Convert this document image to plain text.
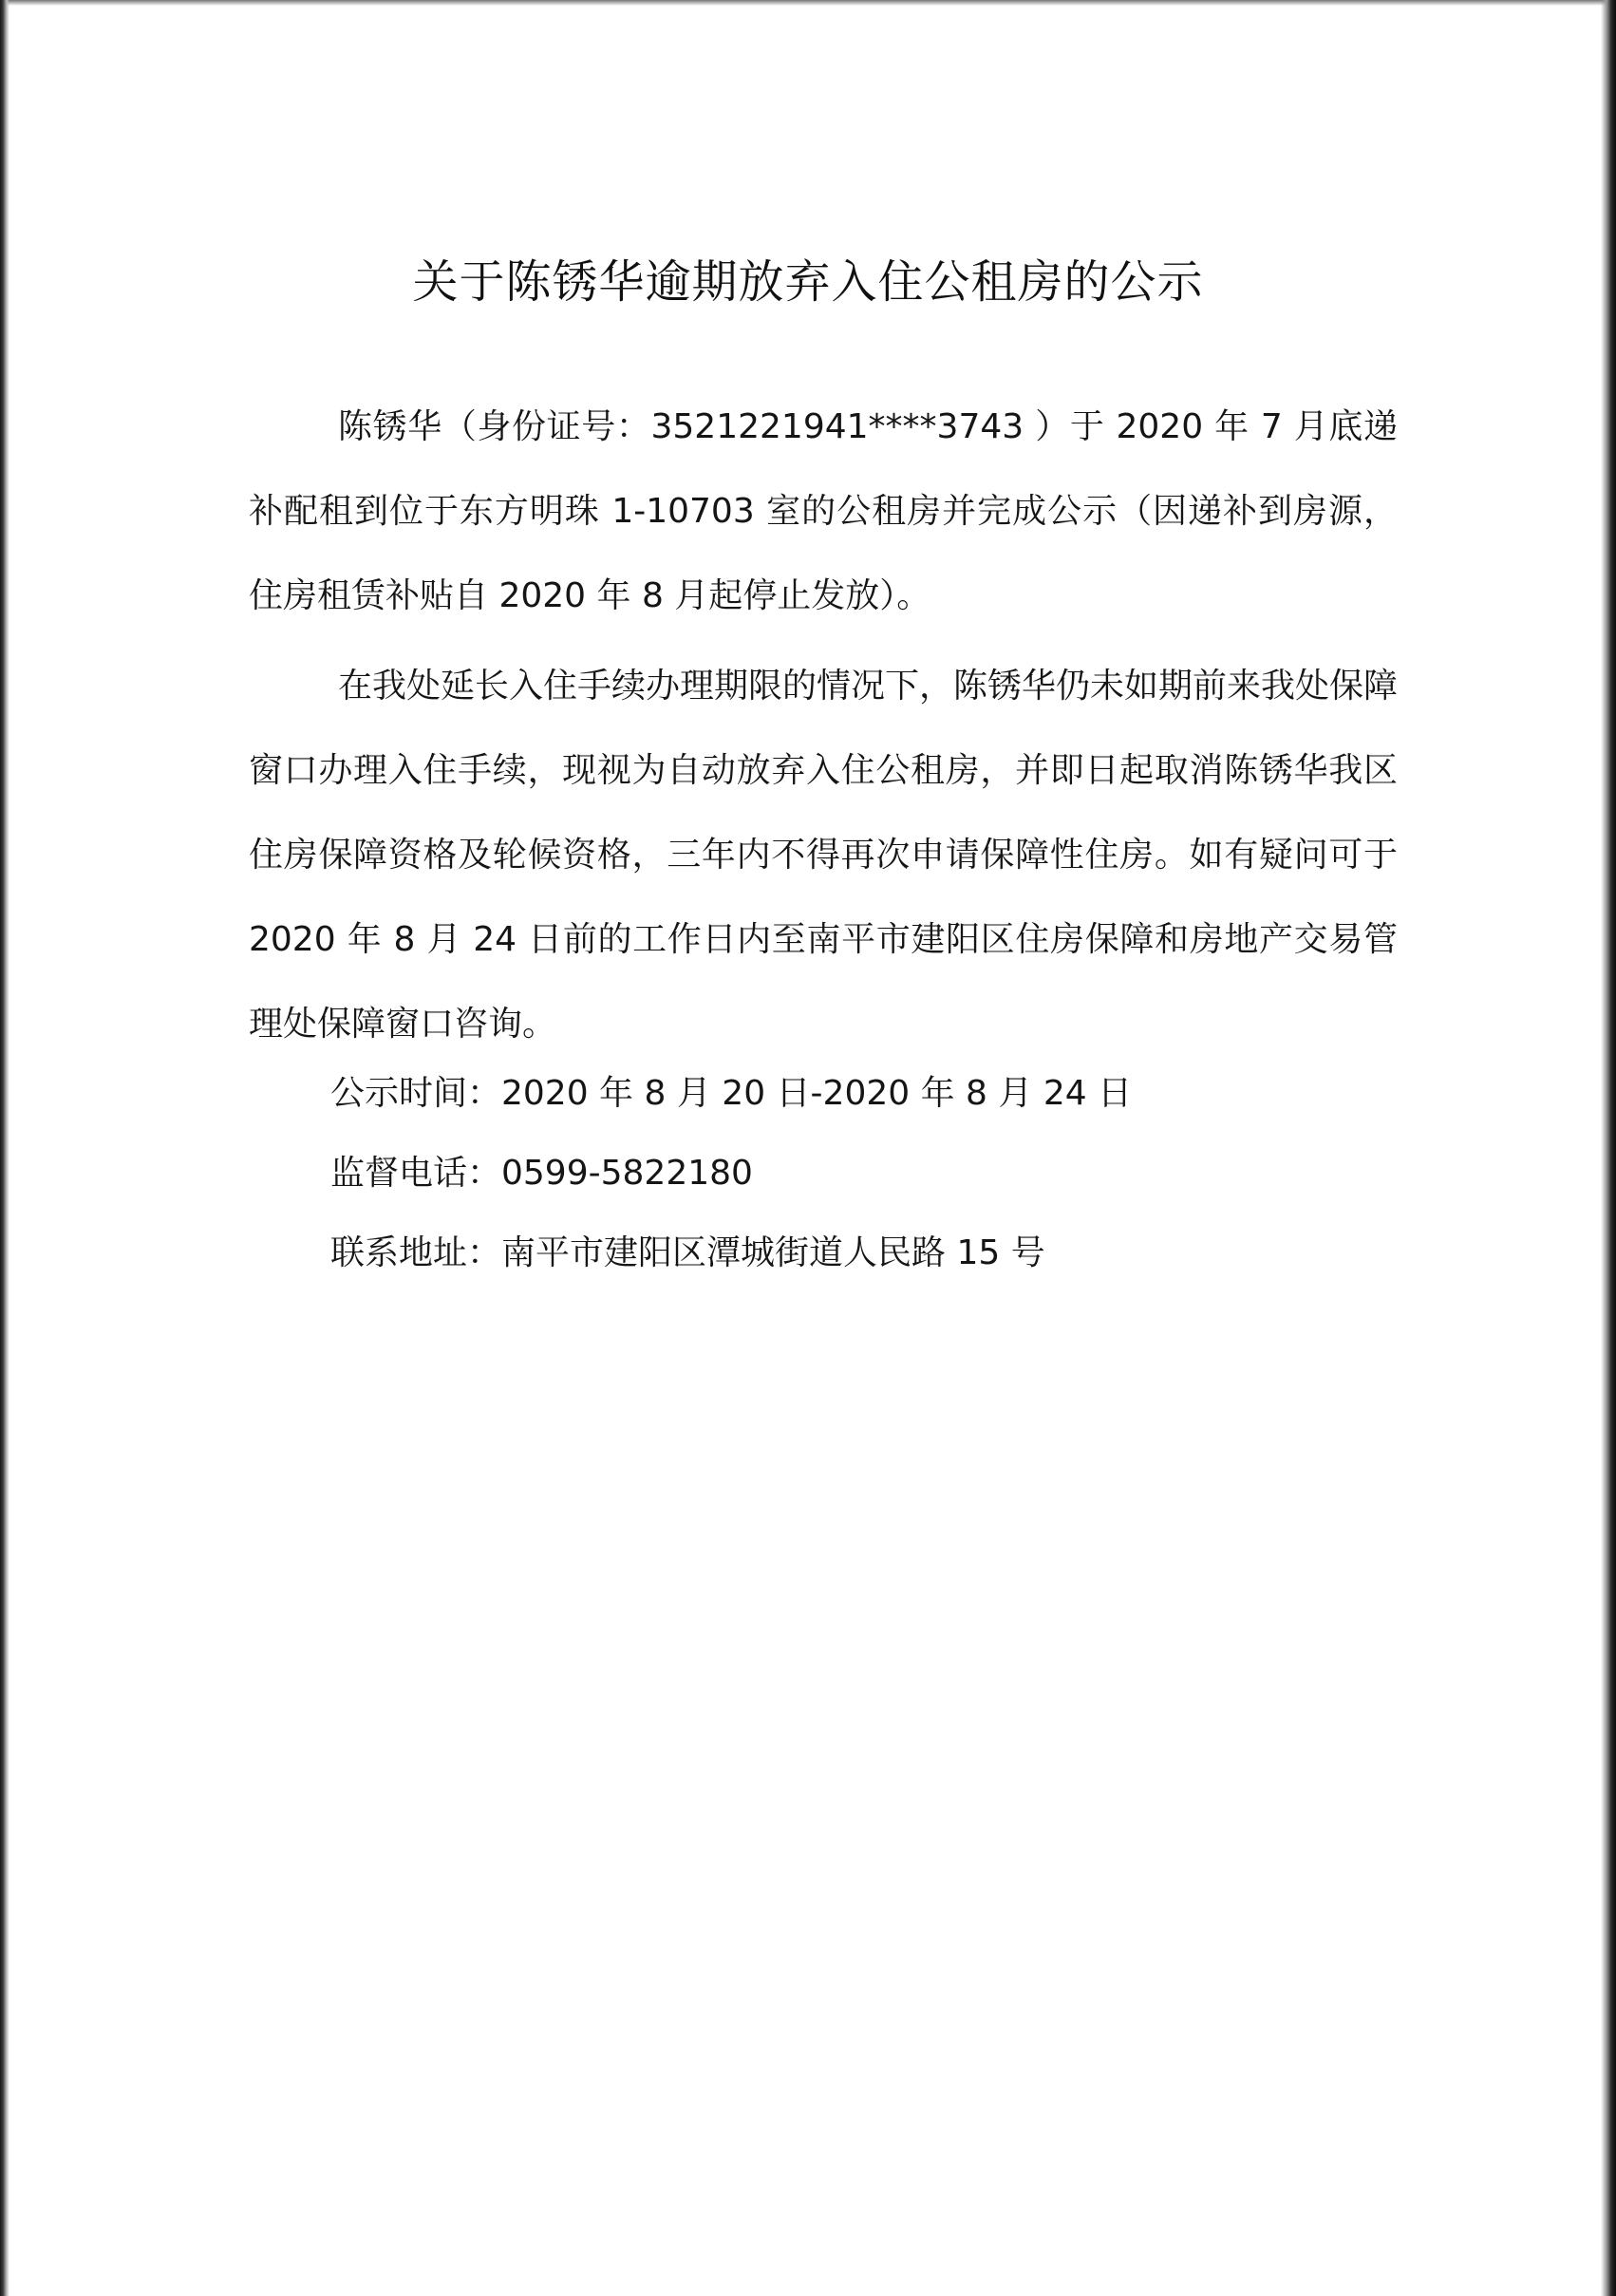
关于陈锈华逾期放弃入住公租房的公示

陈锈华（身份证号：3521221941****3743 ）于 2020 年 7 月底递补配租到位于东方明珠 1-10703 室的公租房并完成公示（因递补到房源，住房租赁补贴自 2020 年 8 月起停止发放）。

在我处延长入住手续办理期限的情况下，陈锈华仍未如期前来我处保障窗口办理入住手续，现视为自动放弃入住公租房，并即日起取消陈锈华我区住房保障资格及轮候资格，三年内不得再次申请保障性住房。如有疑问可于 2020 年 8 月 24 日前的工作日内至南平市建阳区住房保障和房地产交易管理处保障窗口咨询。

公示时间：2020 年 8 月 20 日-2020 年 8 月 24 日
监督电话：0599-5822180
联系地址：南平市建阳区潭城街道人民路 15 号
